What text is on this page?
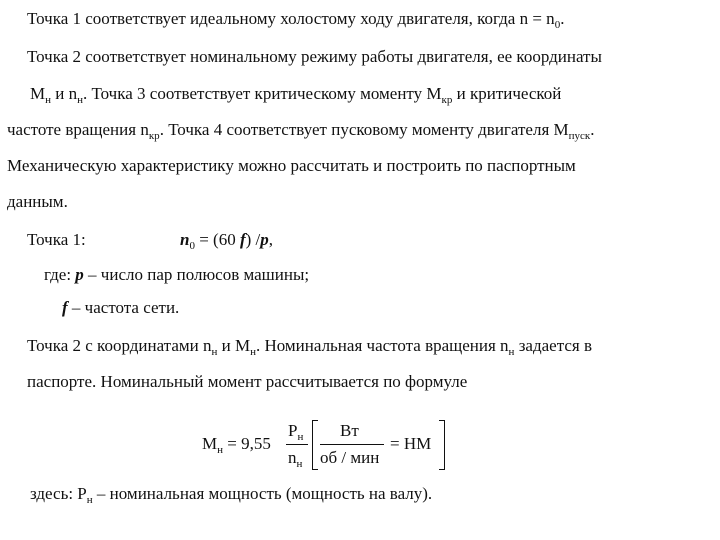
Точка 1 соответствует идеальному холостому ходу двигателя, когда $n = n_0$.
Точка 2 соответствует номинальному режиму работы двигателя, ее координаты
$M_н$ и $n_н$. Точка 3 соответствует критическому моменту $M_{кр}$ и критической
частоте вращения $n_{кр}$. Точка 4 соответствует пусковому моменту двигателя $M_{пуск}$.
Механическую характеристику можно рассчитать и построить по паспортным
данным.
Точка 1:	$n_0 = (60$ f) /p,
где: p – число пар полюсов машины;
f – частота сети.
Точка 2 с координатами $n_н$ и $M_н$. Номинальная частота вращения $n_н$ задается в
паспорте. Номинальный момент рассчитывается по формуле
$M_н = 9,55$
$P_н$
$n_н$
Вт
об / мин
= НМ
здесь: $P_н$ – номинальная мощность (мощность на валу).
